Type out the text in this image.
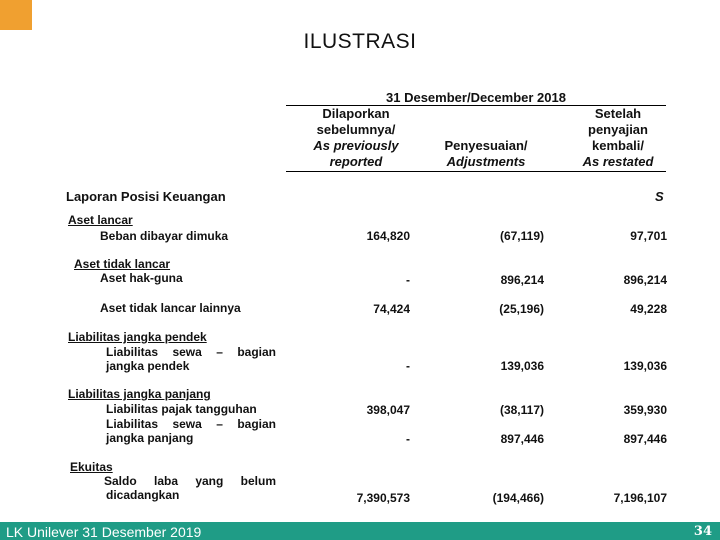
ILUSTRASI
31 Desember/December 2018
Dilaporkan
sebelumnya/
As previously
reported
Penyesuaian/
Adjustments
Setelah
penyajian
kembali/
As restated
Laporan Posisi Keuangan	S
Aset lancar
Aset tidak lancar
Liabilitas jangka pendek
Liabilitas jangka panjang
Ekuitas
Beban dibayar dimuka	164,820	(67,119)	97,701
Aset hak-guna	-	896,214	896,214
Aset tidak lancar lainnya	74,424	(25,196)	49,228
Liabilitas sewa – bagian
jangka pendek	-	139,036	139,036
Liabilitas pajak tangguhan	398,047	(38,117)	359,930
Liabilitas sewa – bagian
jangka panjang	-	897,446	897,446
Saldo laba yang belum
dicadangkan	7,390,573	(194,466)	7,196,107
LK Unilever 31 Desember 2019	34
